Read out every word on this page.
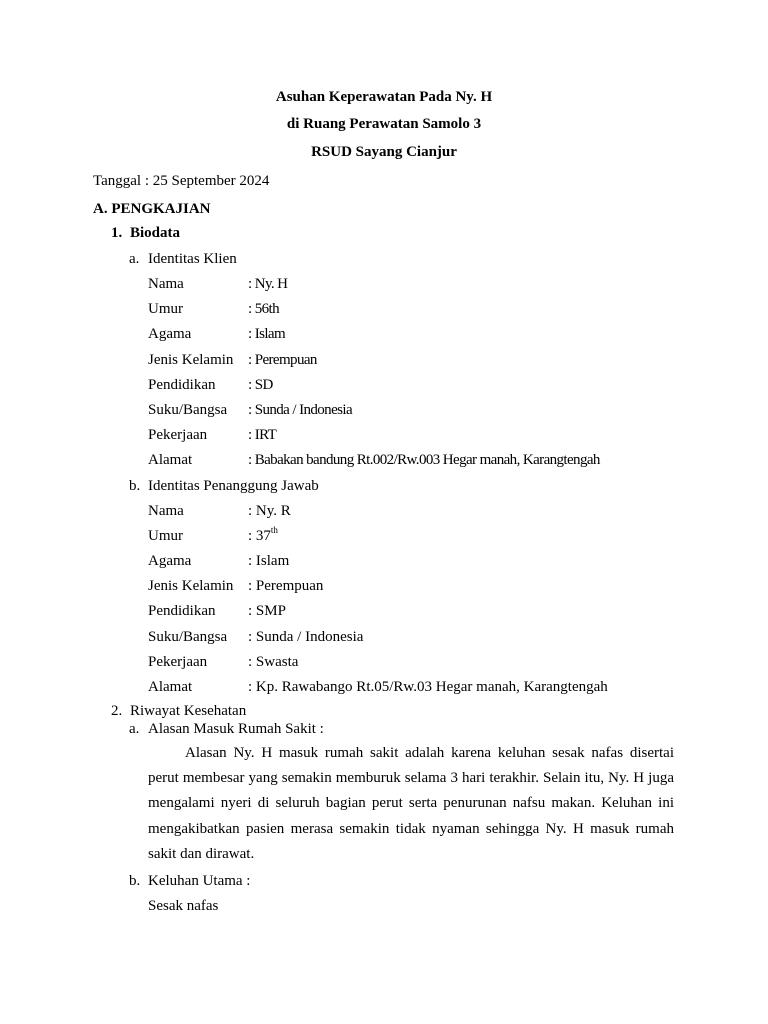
Asuhan Keperawatan Pada Ny. H
di Ruang Perawatan Samolo 3
RSUD Sayang Cianjur
Tanggal : 25 September 2024
A. PENGKAJIAN
1. Biodata
a. Identitas Klien
Nama	: Ny. H
Umur	: 56th
Agama	: Islam
Jenis Kelamin : Perempuan
Pendidikan : SD
Suku/Bangsa : Sunda / Indonesia
Pekerjaan	: IRT
Alamat	: Babakan bandung Rt.002/Rw.003 Hegar manah, Karangtengah
b. Identitas Penanggung Jawab
Nama	: Ny. R
Umur	: 37th
Agama	: Islam
Jenis Kelamin : Perempuan
Pendidikan : SMP
Suku/Bangsa : Sunda / Indonesia
Pekerjaan	: Swasta
Alamat	: Kp. Rawabango Rt.05/Rw.03 Hegar manah, Karangtengah
2. Riwayat Kesehatan
a. Alasan Masuk Rumah Sakit :
Alasan Ny. H masuk rumah sakit adalah karena keluhan sesak nafas disertai perut membesar yang semakin memburuk selama 3 hari terakhir. Selain itu, Ny. H juga mengalami nyeri di seluruh bagian perut serta penurunan nafsu makan. Keluhan ini mengakibatkan pasien merasa semakin tidak nyaman sehingga Ny. H masuk rumah sakit dan dirawat.
b. Keluhan Utama :
Sesak nafas
